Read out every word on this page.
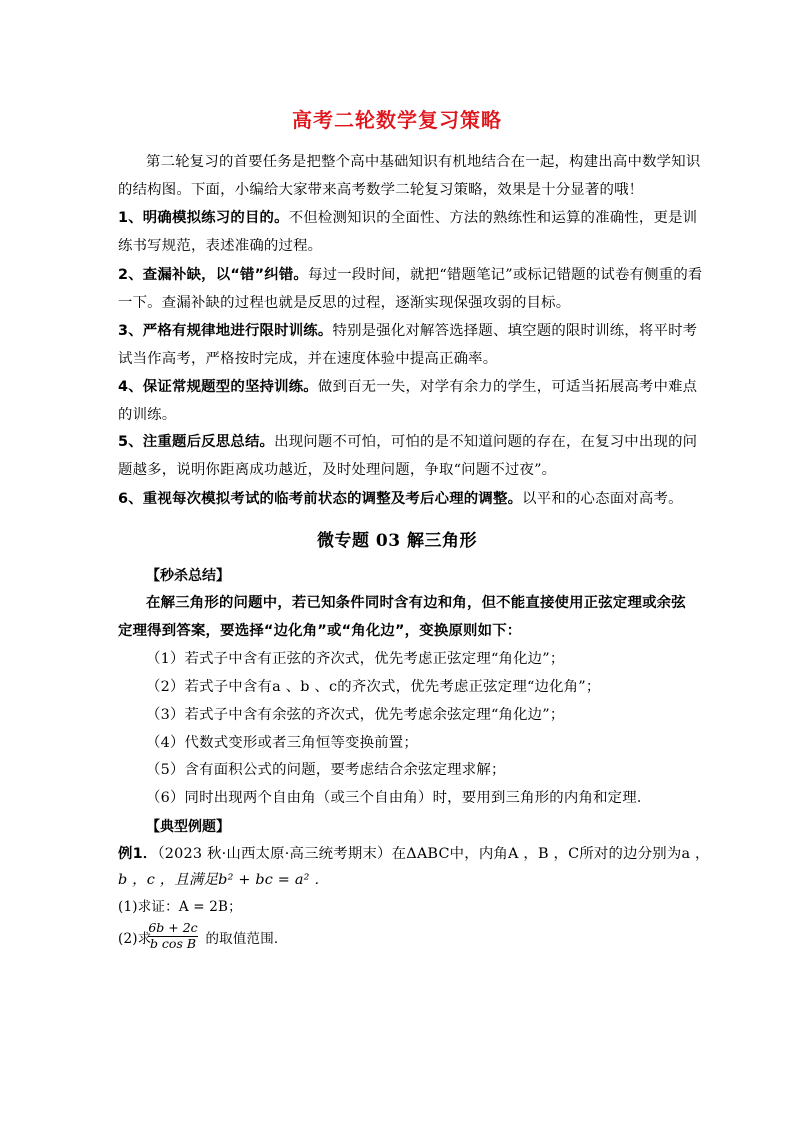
高考二轮数学复习策略
第二轮复习的首要任务是把整个高中基础知识有机地结合在一起，构建出高中数学知识
的结构图。下面，小编给大家带来高考数学二轮复习策略，效果是十分显著的哦！
1、明确模拟练习的目的。不但检测知识的全面性、方法的熟练性和运算的准确性，更是训
练书写规范，表述准确的过程。
2、查漏补缺，以“错”纠错。每过一段时间，就把“错题笔记”或标记错题的试卷有侧重的看
一下。查漏补缺的过程也就是反思的过程，逐渐实现保强攻弱的目标。
3、严格有规律地进行限时训练。特别是强化对解答选择题、填空题的限时训练，将平时考
试当作高考，严格按时完成，并在速度体验中提高正确率。
4、保证常规题型的坚持训练。做到百无一失，对学有余力的学生，可适当拓展高考中难点
的训练。
5、注重题后反思总结。出现问题不可怕，可怕的是不知道问题的存在，在复习中出现的问
题越多，说明你距离成功越近，及时处理问题，争取“问题不过夜”。
6、重视每次模拟考试的临考前状态的调整及考后心理的调整。以平和的心态面对高考。
微专题 03 解三角形
【秒杀总结】
在解三角形的问题中，若已知条件同时含有边和角，但不能直接使用正弦定理或余弦
定理得到答案，要选择“边化角”或“角化边”，变换原则如下：
（1）若式子中含有正弦的齐次式，优先考虑正弦定理“角化边”；
（2）若式子中含有a 、b 、c的齐次式，优先考虑正弦定理“边化角”；
（3）若式子中含有余弦的齐次式，优先考虑余弦定理“角化边”；
（4）代数式变形或者三角恒等变换前置；
（5）含有面积公式的问题，要考虑结合余弦定理求解；
（6）同时出现两个自由角（或三个自由角）时，要用到三角形的内角和定理．
【典型例题】
例1．（2023 秋·山西太原·高三统考期末）在ΔABC中，内角A ，B ，C所对的边分别为a ，
b ，c ，且满足b² + bc = a² ．
(1)求证：A = 2B；
(2)求	的取值范围．
$\frac{6b + 2c}{\text{b cos B}}$
